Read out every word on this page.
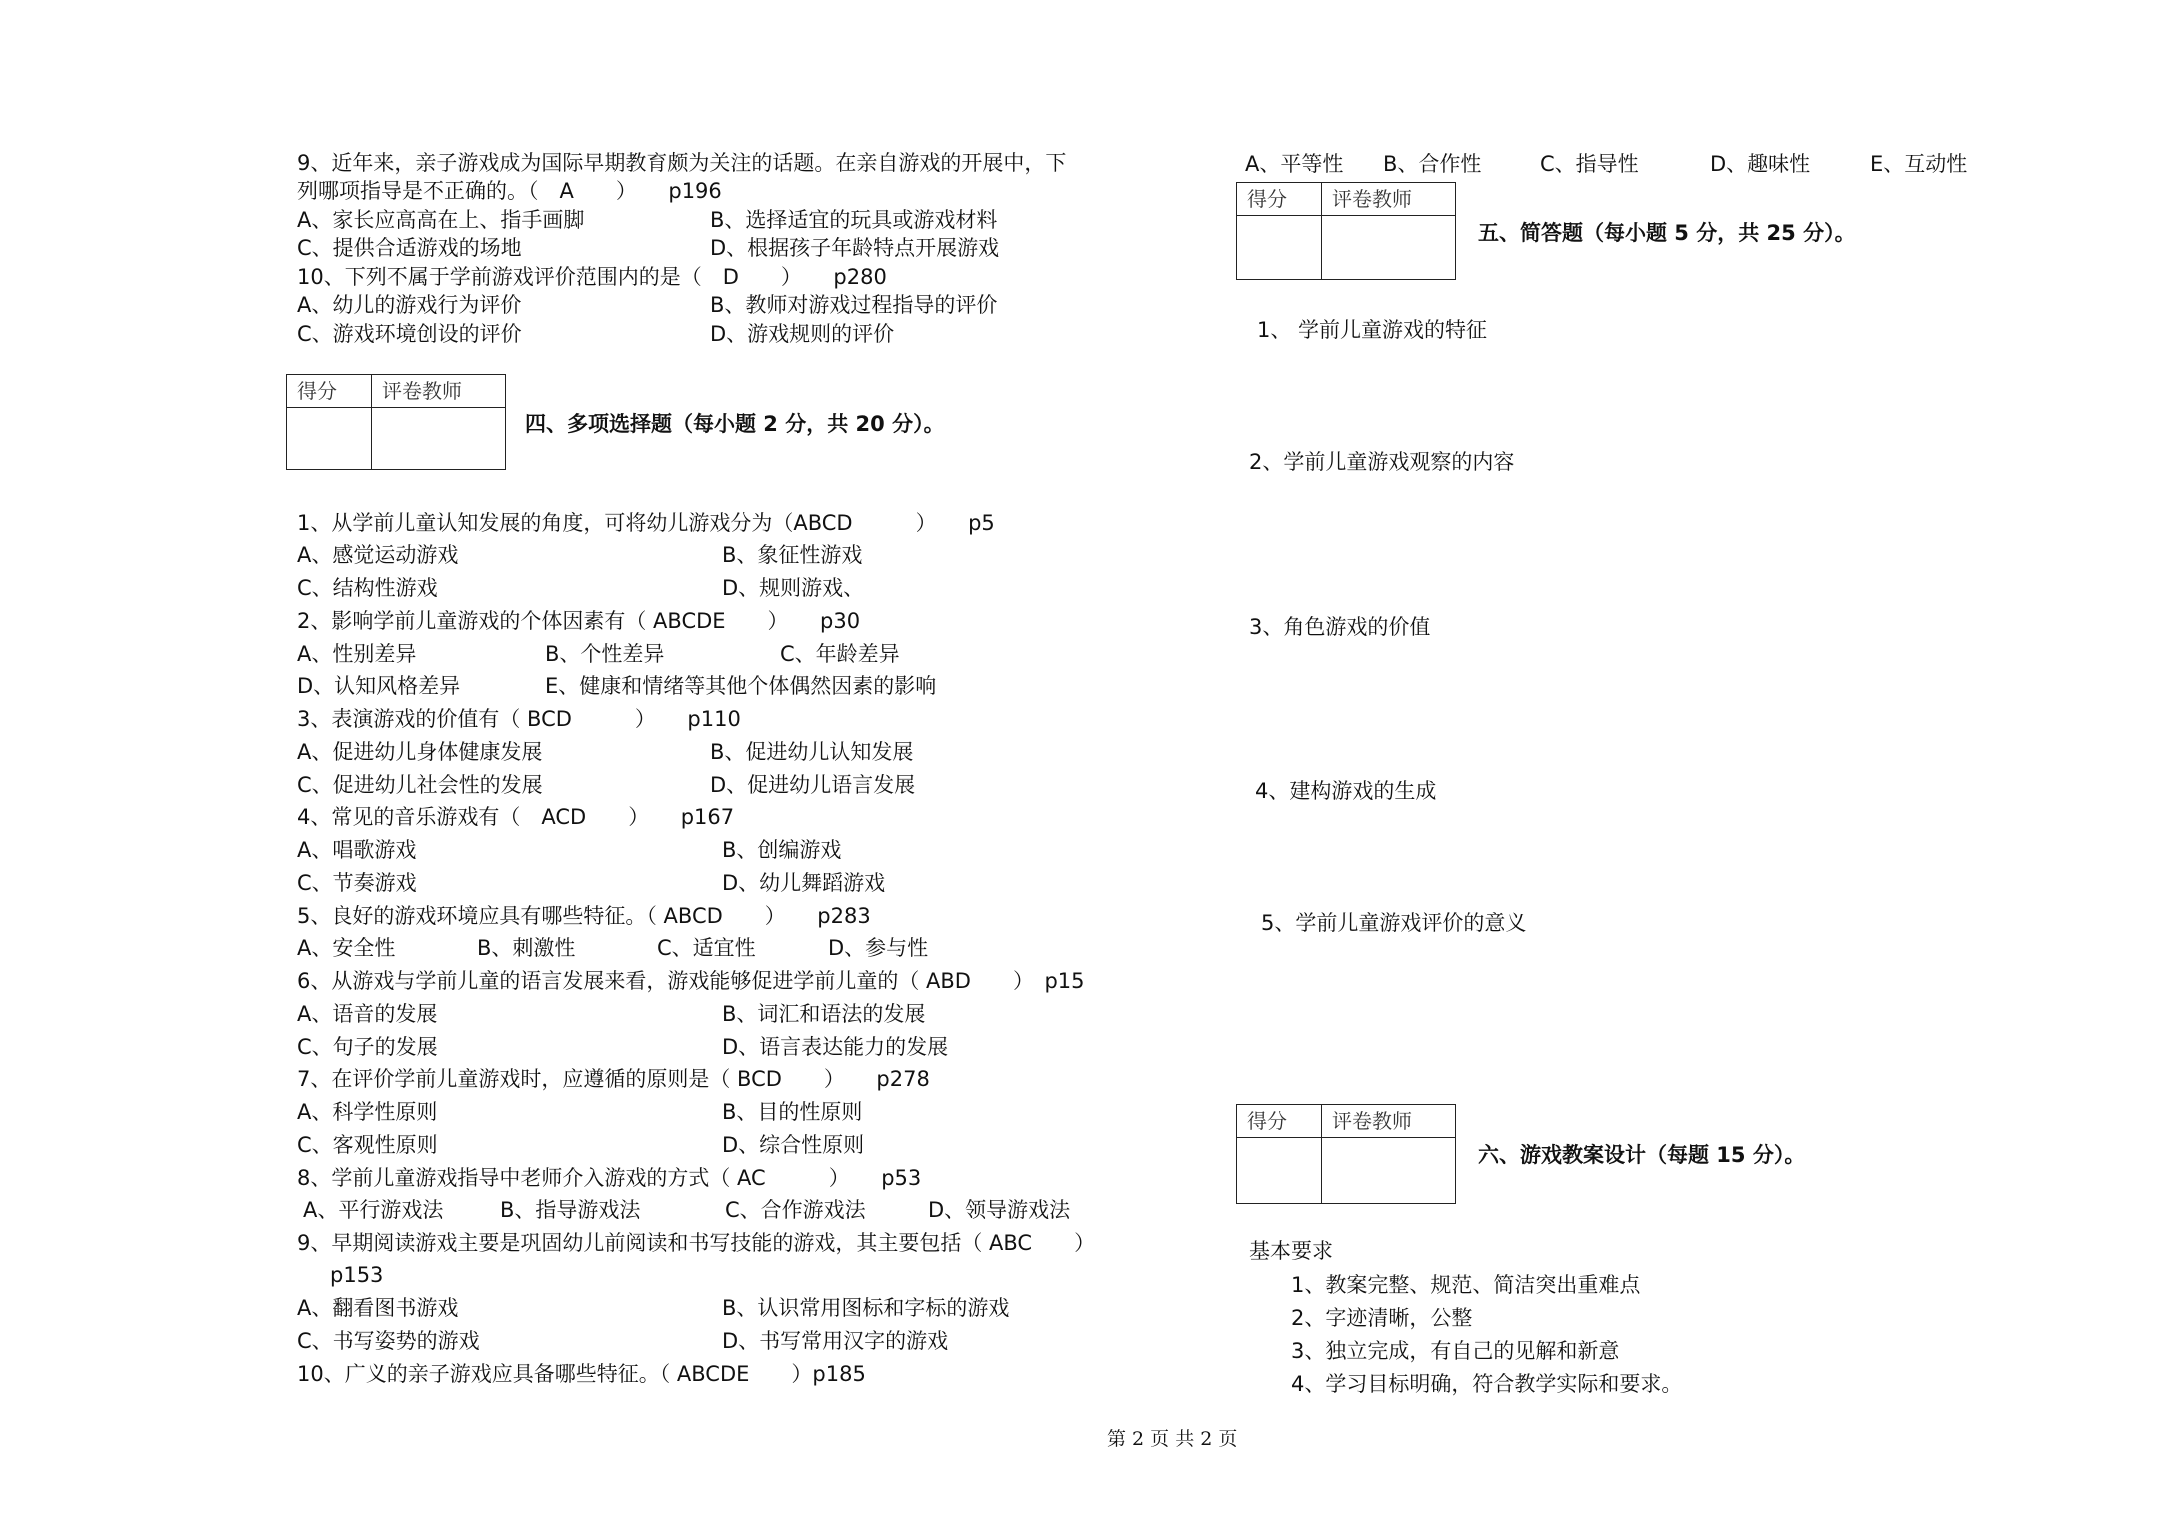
9、近年来，亲子游戏成为国际早期教育颇为关注的话题。在亲自游戏的开展中，下
列哪项指导是不正确的。（　A　　）　　p196
A、家长应高高在上、指手画脚	B、选择适宜的玩具或游戏材料
C、提供合适游戏的场地	D、根据孩子年龄特点开展游戏
10、下列不属于学前游戏评价范围内的是（　D　　）　　p280
A、幼儿的游戏行为评价	B、教师对游戏过程指导的评价
C、游戏环境创设的评价	D、游戏规则的评价
得分	评卷教师
四、多项选择题（每小题 2 分，共 20 分）。
1、从学前儿童认知发展的角度，可将幼儿游戏分为（ABCD　　　）　　p5
A、感觉运动游戏	B、象征性游戏
C、结构性游戏	D、规则游戏、
2、影响学前儿童游戏的个体因素有（ ABCDE　　）　　p30
A、性别差异	B、个性差异	C、年龄差异
D、认知风格差异	E、健康和情绪等其他个体偶然因素的影响
3、表演游戏的价值有（ BCD　　　）　　p110
A、促进幼儿身体健康发展	B、促进幼儿认知发展
C、促进幼儿社会性的发展	D、促进幼儿语言发展
4、常见的音乐游戏有（　ACD　　）　　p167
A、唱歌游戏	B、创编游戏
C、节奏游戏	D、幼儿舞蹈游戏
5、良好的游戏环境应具有哪些特征。（ ABCD　　）　　p283
A、安全性	B、刺激性	C、适宜性	D、参与性
6、从游戏与学前儿童的语言发展来看，游戏能够促进学前儿童的（ ABD　　）　p15
A、语音的发展	B、词汇和语法的发展
C、句子的发展	D、语言表达能力的发展
7、在评价学前儿童游戏时，应遵循的原则是（ BCD　　）　　p278
A、科学性原则	B、目的性原则
C、客观性原则	D、综合性原则
8、学前儿童游戏指导中老师介入游戏的方式（ AC　　　）　　p53
A、平行游戏法	B、指导游戏法	C、合作游戏法	D、领导游戏法
9、早期阅读游戏主要是巩固幼儿前阅读和书写技能的游戏，其主要包括（ ABC　　）
p153
A、翻看图书游戏	B、认识常用图标和字标的游戏
C、书写姿势的游戏	D、书写常用汉字的游戏
10、广义的亲子游戏应具备哪些特征。（ ABCDE　　）p185
A、平等性 B、合作性	C、指导性	D、趣味性	E、互动性
得分	评卷教师
五、简答题（每小题 5 分，共 25 分）。
1、 学前儿童游戏的特征
2、学前儿童游戏观察的内容
3、角色游戏的价值
4、建构游戏的生成
5、学前儿童游戏评价的意义
得分	评卷教师
六、游戏教案设计（每题 15 分）。
基本要求
1、教案完整、规范、简洁突出重难点
2、字迹清晰，公整
3、独立完成，有自己的见解和新意
4、学习目标明确，符合教学实际和要求。
第 2 页 共 2 页
